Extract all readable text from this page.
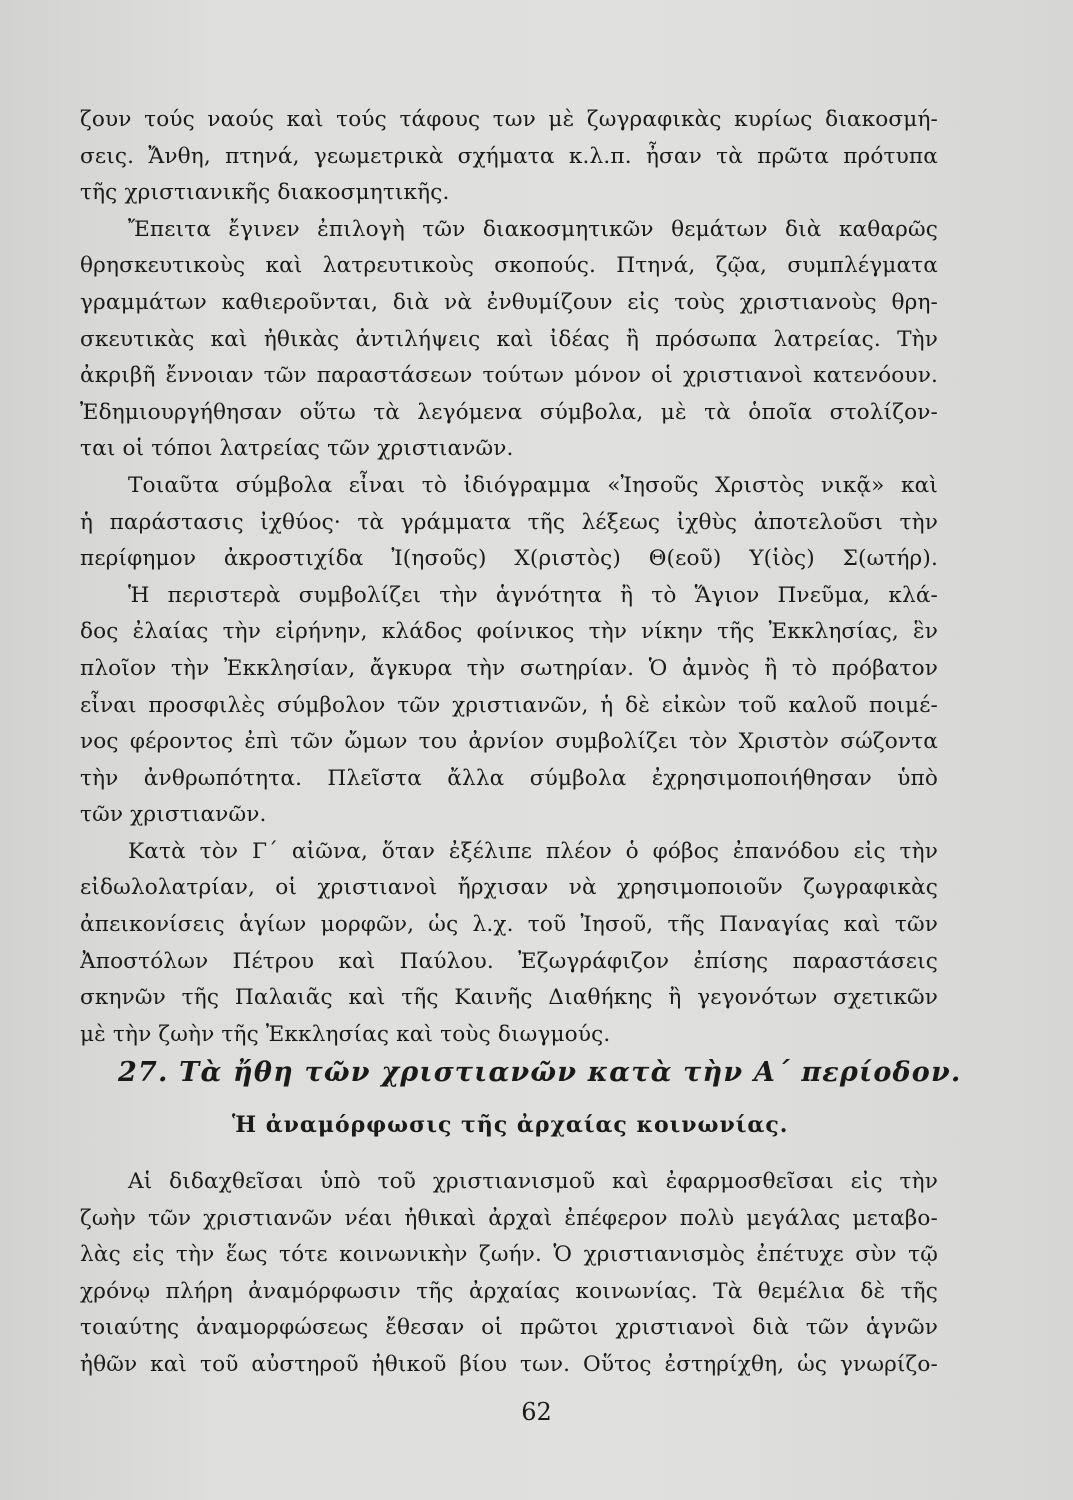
ζουν τούς ναούς καὶ τούς τάφους των μὲ ζωγραφικὰς κυρίως διακοσμή-
σεις. Ἄνθη, πτηνά, γεωμετρικὰ σχήματα κ.λ.π. ἦσαν τὰ πρῶτα πρότυπα
τῆς χριστιανικῆς διακοσμητικῆς.
Ἔπειτα ἔγινεν ἐπιλογὴ τῶν διακοσμητικῶν θεμάτων διὰ καθαρῶς
θρησκευτικοὺς καὶ λατρευτικοὺς σκοπούς. Πτηνά, ζῷα, συμπλέγματα
γραμμάτων καθιεροῦνται, διὰ νὰ ἐνθυμίζουν εἰς τοὺς χριστιανοὺς θρη-
σκευτικὰς καὶ ἠθικὰς ἀντιλήψεις καὶ ἰδέας ἢ πρόσωπα λατρείας. Τὴν
ἀκριβῆ ἔννοιαν τῶν παραστάσεων τούτων μόνον οἱ χριστιανοὶ κατενόουν.
Ἐδημιουργήθησαν οὕτω τὰ λεγόμενα σύμβολα, μὲ τὰ ὁποῖα στολίζον-
ται οἱ τόποι λατρείας τῶν χριστιανῶν.
Τοιαῦτα σύμβολα εἶναι τὸ ἰδιόγραμμα «Ἰησοῦς Χριστὸς νικᾷ» καὶ
ἡ παράστασις ἰχθύος· τὰ γράμματα τῆς λέξεως ἰχθὺς ἀποτελοῦσι τὴν
περίφημον ἀκροστιχίδα Ἰ(ησοῦς) Χ(ριστὸς) Θ(εοῦ) Υ(ἱὸς) Σ(ωτήρ).
Ἡ περιστερὰ συμβολίζει τὴν ἁγνότητα ἢ τὸ Ἅγιον Πνεῦμα, κλά-
δος ἐλαίας τὴν εἰρήνην, κλάδος φοίνικος τὴν νίκην τῆς Ἐκκλησίας, ἓν
πλοῖον τὴν Ἐκκλησίαν, ἄγκυρα τὴν σωτηρίαν. Ὁ ἀμνὸς ἢ τὸ πρόβατον
εἶναι προσφιλὲς σύμβολον τῶν χριστιανῶν, ἡ δὲ εἰκὼν τοῦ καλοῦ ποιμέ-
νος φέροντος ἐπὶ τῶν ὤμων του ἀρνίον συμβολίζει τὸν Χριστὸν σώζοντα
τὴν ἀνθρωπότητα. Πλεῖστα ἄλλα σύμβολα ἐχρησιμοποιήθησαν ὑπὸ
τῶν χριστιανῶν.
Κατὰ τὸν Γ΄ αἰῶνα, ὅταν ἐξέλιπε πλέον ὁ φόβος ἐπανόδου εἰς τὴν
εἰδωλολατρίαν, οἱ χριστιανοὶ ἤρχισαν νὰ χρησιμοποιοῦν ζωγραφικὰς
ἀπεικονίσεις ἁγίων μορφῶν, ὡς λ.χ. τοῦ Ἰησοῦ, τῆς Παναγίας καὶ τῶν
Ἀποστόλων Πέτρου καὶ Παύλου. Ἐζωγράφιζον ἐπίσης παραστάσεις
σκηνῶν τῆς Παλαιᾶς καὶ τῆς Καινῆς Διαθήκης ἢ γεγονότων σχετικῶν
μὲ τὴν ζωὴν τῆς Ἐκκλησίας καὶ τοὺς διωγμούς.
27. Τὰ ἤθη τῶν χριστιανῶν κατὰ τὴν Α΄ περίοδον.
Ἡ ἀναμόρφωσις τῆς ἀρχαίας κοινωνίας.
Αἱ διδαχθεῖσαι ὑπὸ τοῦ χριστιανισμοῦ καὶ ἐφαρμοσθεῖσαι εἰς τὴν
ζωὴν τῶν χριστιανῶν νέαι ἠθικαὶ ἀρχαὶ ἐπέφερον πολὺ μεγάλας μεταβο-
λὰς εἰς τὴν ἕως τότε κοινωνικὴν ζωήν. Ὁ χριστιανισμὸς ἐπέτυχε σὺν τῷ
χρόνῳ πλήρη ἀναμόρφωσιν τῆς ἀρχαίας κοινωνίας. Τὰ θεμέλια δὲ τῆς
τοιαύτης ἀναμορφώσεως ἔθεσαν οἱ πρῶτοι χριστιανοὶ διὰ τῶν ἁγνῶν
ἠθῶν καὶ τοῦ αὐστηροῦ ἠθικοῦ βίου των. Οὕτος ἐστηρίχθη, ὡς γνωρίζο-
62
